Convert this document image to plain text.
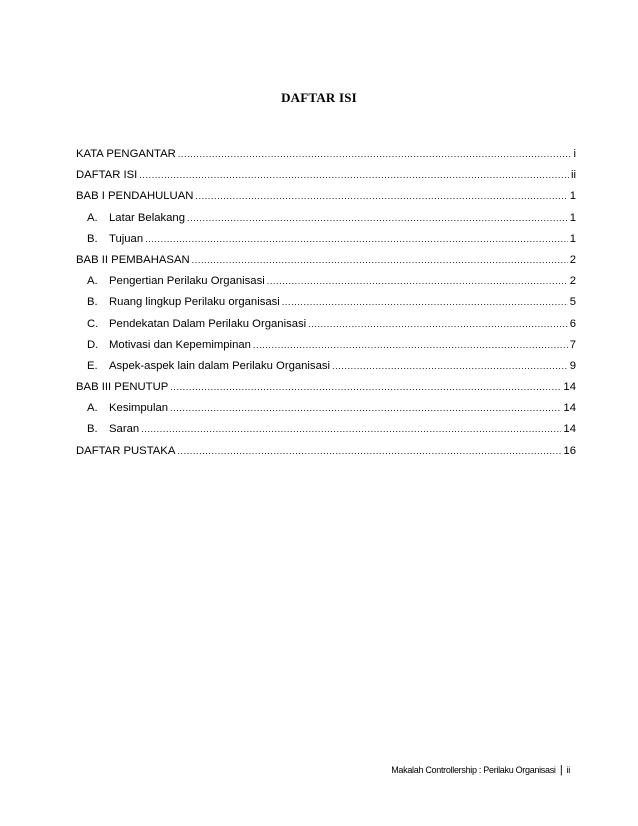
DAFTAR ISI
KATA PENGANTAR .....	i
DAFTAR ISI .....	ii
BAB I PENDAHULUAN .....	1
A.	Latar Belakang .....	1
B.	Tujuan .....	1
BAB II PEMBAHASAN .....	2
A.	Pengertian Perilaku Organisasi .....	2
B.	Ruang lingkup Perilaku organisasi .....	5
C. Pendekatan Dalam Perilaku Organisasi .....	6
D. Motivasi dan Kepemimpinan .....	7
E.	Aspek-aspek lain dalam Perilaku Organisasi .....	9
BAB III PENUTUP .....	14
A.	Kesimpulan .....	14
B.	Saran .....	14
DAFTAR PUSTAKA .....	16
Makalah Controllership : Perilaku Organisasi | ii
